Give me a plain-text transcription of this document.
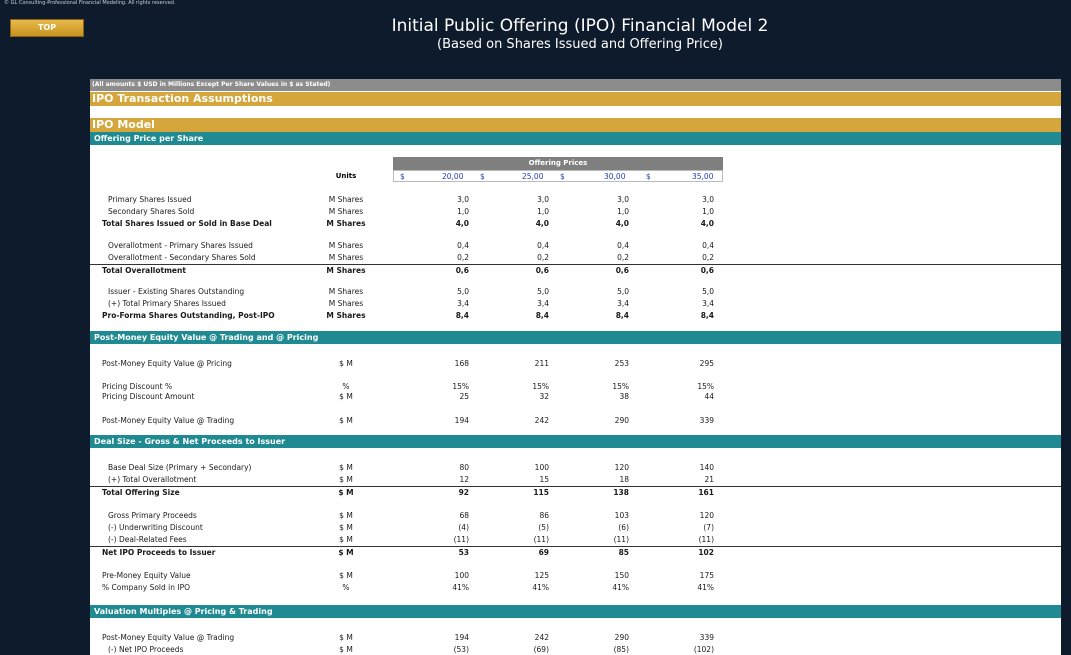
© GL Consulting-Professional Financial Modeling. All rights reserved.
TOP	Initial Public Offering (IPO) Financial Model 2
(Based on Shares Issued and Offering Price)
(All amounts $ USD in Millions Except Per Share Values in $ as Stated)
IPO Transaction Assumptions
IPO Model
Offering Price per Share
Offering Prices
$	20,00 $	25,00 $	30,00	$	35,00
Units
Post-Money Equity Value @ Trading and @ Pricing
Deal Size - Gross & Net Proceeds to Issuer
Valuation Multiples @ Pricing & Trading
Primary Shares Issued	M Shares	3,0	3,0	3,0	3,0
Secondary Shares Sold	M Shares	1,0	1,0	1,0	1,0
Total Shares Issued or Sold in Base Deal	M Shares	4,0	4,0	4,0	4,0
Overallotment - Primary Shares Issued	M Shares	0,4	0,4	0,4	0,4
Overallotment - Secondary Shares Sold	M Shares	0,2	0,2	0,2	0,2
Total Overallotment	M Shares	0,6	0,6	0,6	0,6
Issuer - Existing Shares Outstanding	M Shares	5,0	5,0	5,0	5,0
(+) Total Primary Shares Issued	M Shares	3,4	3,4	3,4	3,4
Pro-Forma Shares Outstanding, Post-IPO	M Shares	8,4	8,4	8,4	8,4
Post-Money Equity Value @ Pricing	$ M	168	211	253	295
Pricing Discount %	%	15%	15%	15%	15%
Pricing Discount Amount	$ M	25	32	38	44
Post-Money Equity Value @ Trading	$ M	194	242	290	339
Base Deal Size (Primary + Secondary)	$ M	80	100	120	140
(+) Total Overallotment	$ M	12	15	18	21
Total Offering Size	$ M	92	115	138	161
Gross Primary Proceeds	$ M	68	86	103	120
(-) Underwriting Discount	$ M	(4)	(5)	(6)	(7)
(-) Deal-Related Fees	$ M	(11)	(11)	(11)	(11)
Net IPO Proceeds to Issuer	$ M	53	69	85	102
Pre-Money Equity Value	$ M	100	125	150	175
% Company Sold in IPO	%	41%	41%	41%	41%
Post-Money Equity Value @ Trading	$ M	194	242	290	339
(-) Net IPO Proceeds	$ M	(53)	(69)	(85)	(102)
